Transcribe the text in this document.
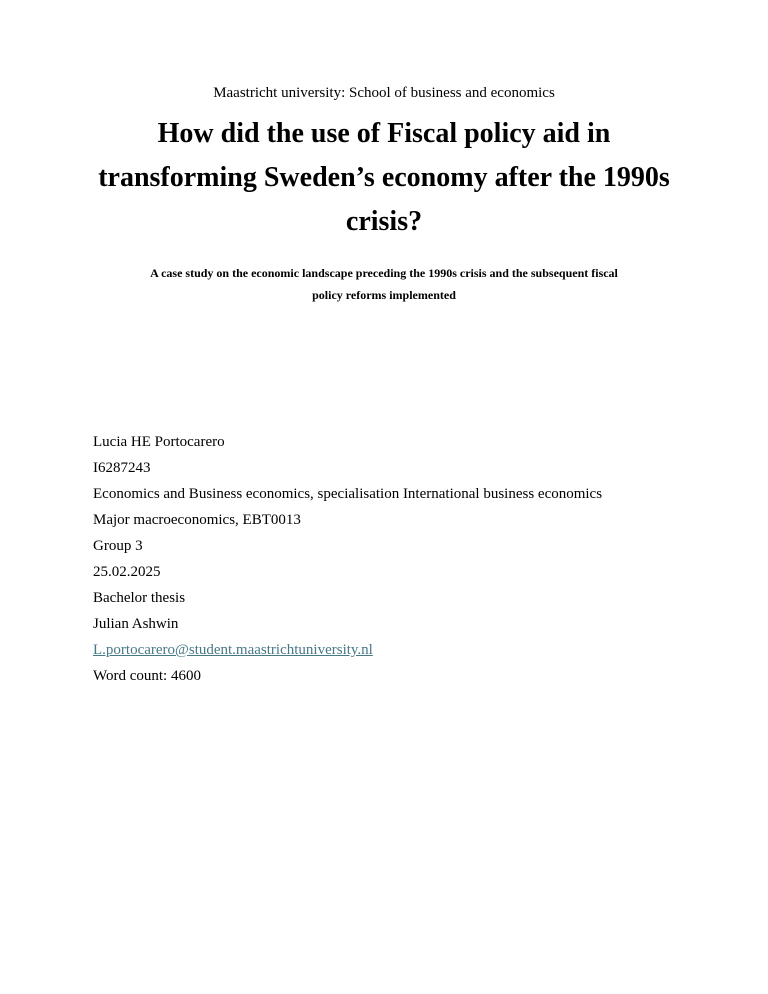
Maastricht university: School of business and economics
How did the use of Fiscal policy aid in
transforming Sweden’s economy after the 1990s
crisis?

A case study on the economic landscape preceding the 1990s crisis and the subsequent fiscal
policy reforms implemented

Lucia HE Portocarero
I6287243
Economics and Business economics, specialisation International business economics
Major macroeconomics, EBT0013
Group 3
25.02.2025
Bachelor thesis
Julian Ashwin
L.portocarero@student.maastrichtuniversity.nl
Word count: 4600
